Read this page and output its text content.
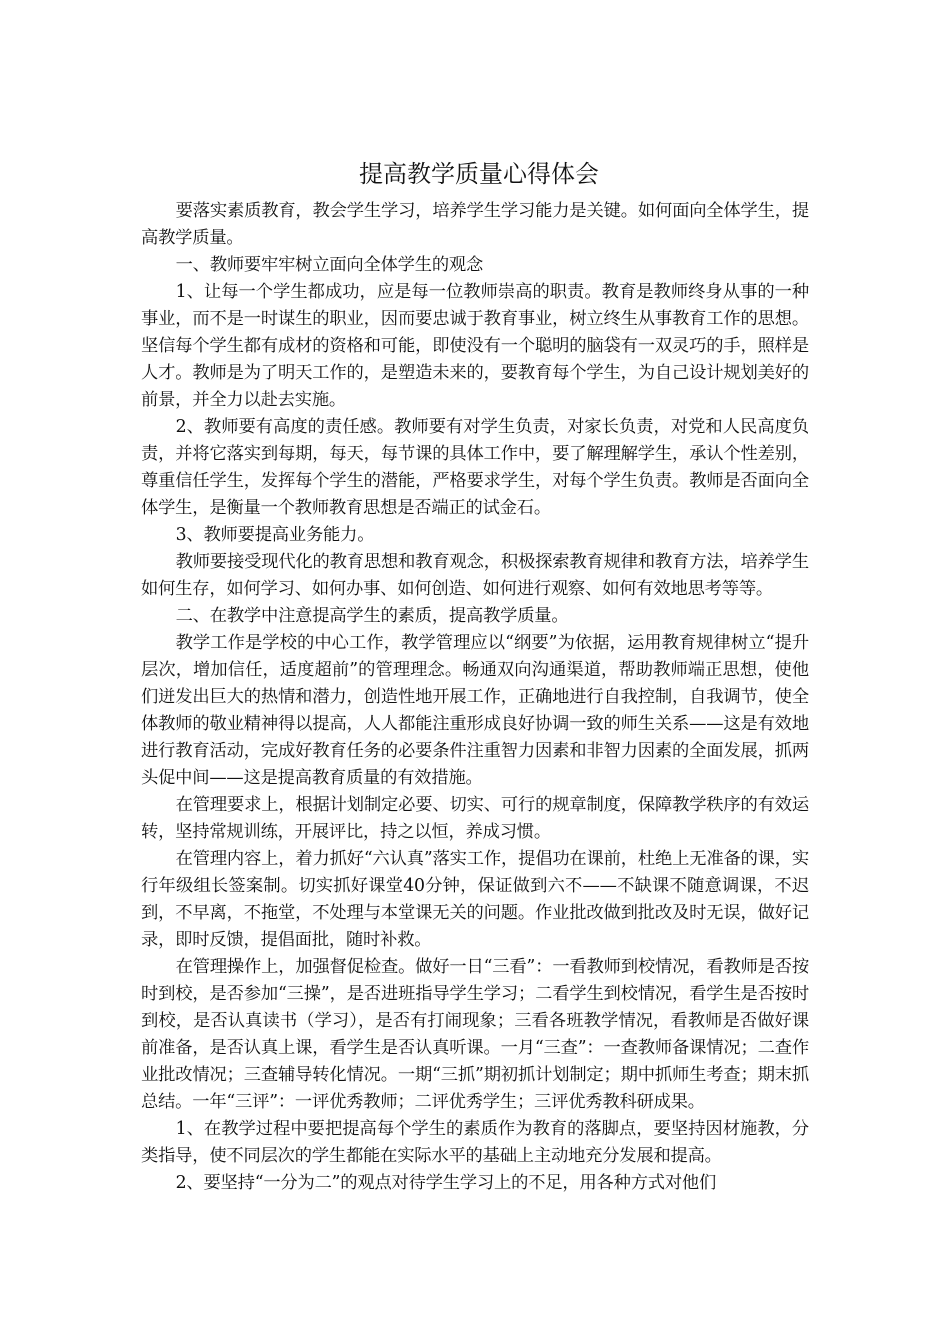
提高教学质量心得体会

要落实素质教育，教会学生学习，培养学生学习能力是关键。如何面向全体学生，提高教学质量。

一、教师要牢牢树立面向全体学生的观念

1、让每一个学生都成功，应是每一位教师崇高的职责。教育是教师终身从事的一种事业，而不是一时谋生的职业，因而要忠诚于教育事业，树立终生从事教育工作的思想。坚信每个学生都有成材的资格和可能，即使没有一个聪明的脑袋有一双灵巧的手，照样是人才。教师是为了明天工作的，是塑造未来的，要教育每个学生，为自己设计规划美好的前景，并全力以赴去实施。

2、教师要有高度的责任感。教师要有对学生负责，对家长负责，对党和人民高度负责，并将它落实到每期，每天，每节课的具体工作中，要了解理解学生，承认个性差别，尊重信任学生，发挥每个学生的潜能，严格要求学生，对每个学生负责。教师是否面向全体学生，是衡量一个教师教育思想是否端正的试金石。

3、教师要提高业务能力。

教师要接受现代化的教育思想和教育观念，积极探索教育规律和教育方法，培养学生如何生存，如何学习、如何办事、如何创造、如何进行观察、如何有效地思考等等。

二、在教学中注意提高学生的素质，提高教学质量。

教学工作是学校的中心工作，教学管理应以“纲要”为依据，运用教育规律树立“提升层次，增加信任，适度超前”的管理理念。畅通双向沟通渠道，帮助教师端正思想，使他们迸发出巨大的热情和潜力，创造性地开展工作，正确地进行自我控制，自我调节，使全体教师的敬业精神得以提高，人人都能注重形成良好协调一致的师生关系——这是有效地进行教育活动，完成好教育任务的必要条件注重智力因素和非智力因素的全面发展，抓两头促中间——这是提高教育质量的有效措施。

在管理要求上，根据计划制定必要、切实、可行的规章制度，保障教学秩序的有效运转，坚持常规训练，开展评比，持之以恒，养成习惯。

在管理内容上，着力抓好“六认真”落实工作，提倡功在课前，杜绝上无准备的课，实行年级组长签案制。切实抓好课堂40分钟，保证做到六不——不缺课不随意调课，不迟到，不早离，不拖堂，不处理与本堂课无关的问题。作业批改做到批改及时无误，做好记录，即时反馈，提倡面批，随时补救。

在管理操作上，加强督促检查。做好一日“三看”：一看教师到校情况，看教师是否按时到校，是否参加“三操”，是否进班指导学生学习；二看学生到校情况，看学生是否按时到校，是否认真读书（学习），是否有打闹现象；三看各班教学情况，看教师是否做好课前准备，是否认真上课，看学生是否认真听课。一月“三查”：一查教师备课情况；二查作业批改情况；三查辅导转化情况。一期“三抓”期初抓计划制定；期中抓师生考查；期末抓总结。一年“三评”：一评优秀教师；二评优秀学生；三评优秀教科研成果。

1、在教学过程中要把提高每个学生的素质作为教育的落脚点，要坚持因材施教，分类指导，使不同层次的学生都能在实际水平的基础上主动地充分发展和提高。

2、要坚持“一分为二”的观点对待学生学习上的不足，用各种方式对他们
